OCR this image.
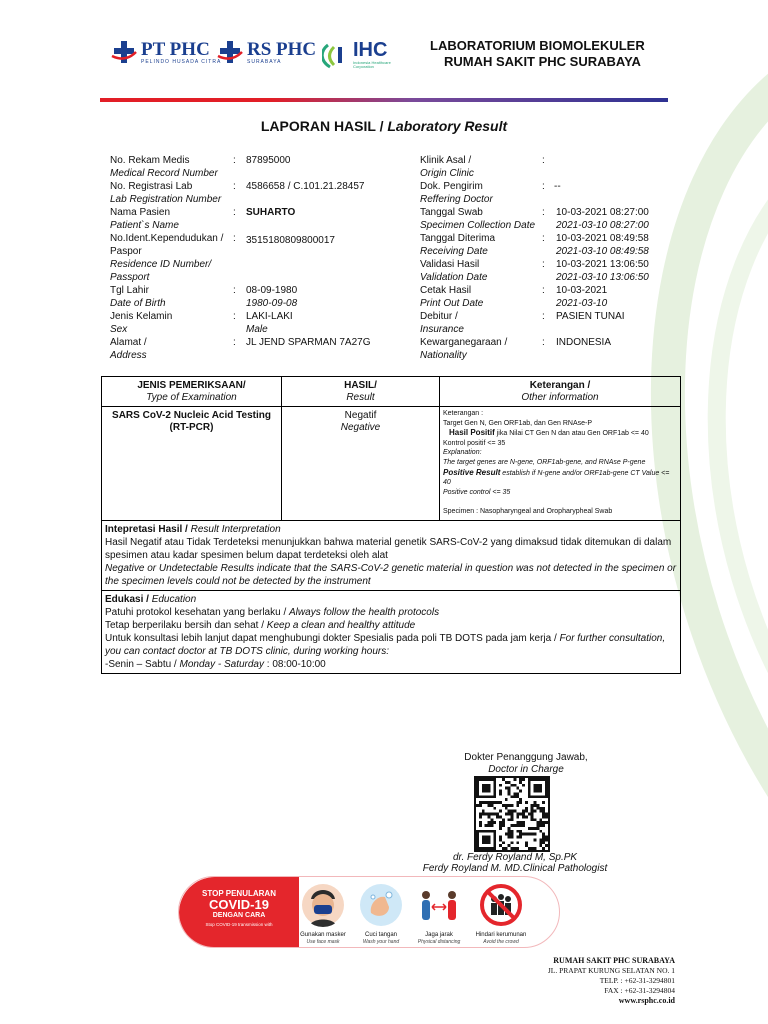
PT PHC
PELINDO HUSADA CITRA
RS PHC
SURABAYA
IHC
Indonesia Healthcare Corporation
LABORATORIUM BIOMOLEKULER
RUMAH SAKIT PHC SURABAYA
LAPORAN HASIL / Laboratory Result
No. Rekam Medis
Medical Record Number
: 87895000
No. Registrasi Lab
Lab Registration Number
: 4586658 / C.101.21.28457
Nama Pasien
Patient`s Name
: SUHARTO
No.Ident.Kependudukan / Paspor
Residence ID Number/ Passport
: 3515180809800017
Tgl Lahir
Date of Birth
: 08-09-1980
1980-09-08
Jenis Kelamin
Sex
: LAKI-LAKI
Male
Alamat /
Address
: JL JEND SPARMAN 7A27G
Klinik Asal /
Origin Clinic
:
Dok. Pengirim
Reffering Doctor
: --
Tanggal Swab
Specimen Collection Date
: 10-03-2021 08:27:00
2021-03-10 08:27:00
Tanggal Diterima
Receiving Date
: 10-03-2021 08:49:58
2021-03-10 08:49:58
Validasi Hasil
Validation Date
: 10-03-2021 13:06:50
2021-03-10 13:06:50
Cetak Hasil
Print Out Date
: 10-03-2021
2021-03-10
Debitur /
Insurance
: PASIEN TUNAI
Kewarganegaraan /
Nationality
: INDONESIA
JENIS PEMERIKSAAN/
Type of Examination
HASIL/
Result
Keterangan /
Other information
SARS CoV-2 Nucleic Acid Testing
(RT-PCR)
Negatif
Negative
Keterangan :
Target Gen N, Gen ORF1ab, dan Gen RNAse-P
Hasil Positif jika Nilai CT Gen N dan atau Gen ORF1ab <= 40
Kontrol positif <= 35
Explanation:
The target genes are N-gene, ORF1ab-gene, and RNAse P-gene
Positive Result establish if N-gene and/or ORF1ab-gene CT Value <= 40
Positive control <= 35
Specimen : Nasopharyngeal and Oropharypheal Swab
Intepretasi Hasil / Result Interpretation
Hasil Negatif atau Tidak Terdeteksi menunjukkan bahwa material genetik SARS-CoV-2 yang dimaksud tidak ditemukan di dalam spesimen atau kadar spesimen belum dapat terdeteksi oleh alat
Negative or Undetectable Results indicate that the SARS-CoV-2 genetic material in question was not detected in the specimen or the specimen levels could not be detected by the instrument
Edukasi / Education
Patuhi protokol kesehatan yang berlaku / Always follow the health protocols
Tetap berperilaku bersih dan sehat / Keep a clean and healthy attitude
Untuk konsultasi lebih lanjut dapat menghubungi dokter Spesialis pada poli TB DOTS pada jam kerja / For further consultation, you can contact doctor at TB DOTS clinic, during working hours:
-Senin – Sabtu / Monday - Saturday : 08:00-10:00
Dokter Penanggung Jawab,
Doctor in Charge
dr. Ferdy Royland M, Sp.PK
Ferdy Royland M. MD.Clinical Pathologist
STOP PENULARAN
COVID-19
DENGAN CARA
Stop COVID-19 transmission with
Gunakan masker
Use face mask
Cuci tangan
Wash your hand
Jaga jarak
Physical distancing
Hindari kerumunan
Avoid the crowd
RUMAH SAKIT PHC SURABAYA
JL. PRAPAT KURUNG SELATAN NO. 1
TELP. : +62-31-3294801
FAX : +62-31-3294804
www.rsphc.co.id
